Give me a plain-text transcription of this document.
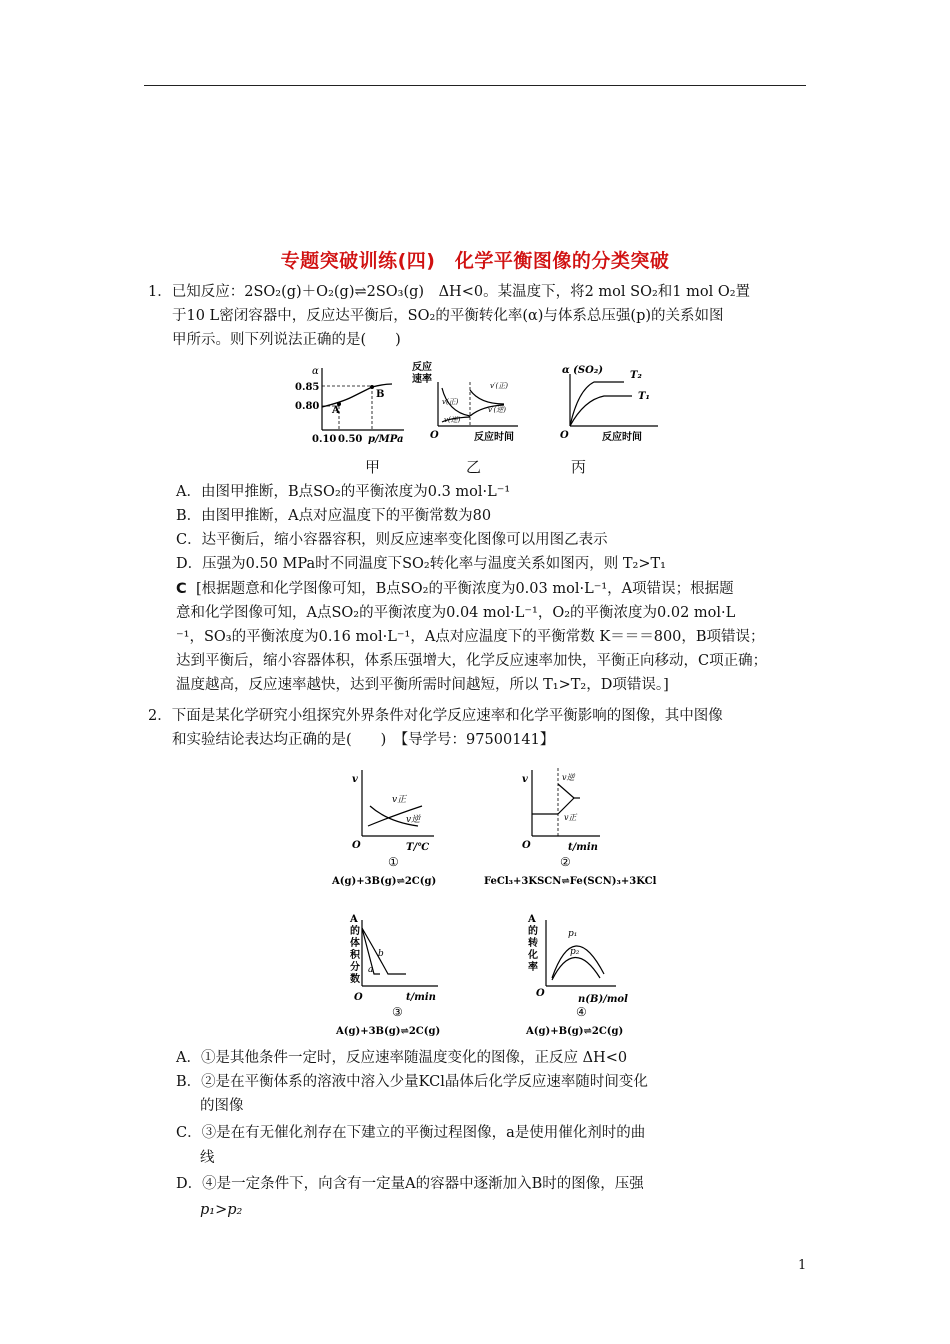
专题突破训练(四)　化学平衡图像的分类突破
1．已知反应：2SO₂(g)＋O₂(g)⇌2SO₃(g)　ΔH<0。某温度下，将2 mol SO₂和1 mol O₂置
于10 L密闭容器中，反应达平衡后，SO₂的平衡转化率(α)与体系总压强(p)的关系如图
甲所示。则下列说法正确的是(　　)
α
0.85
0.80 A
B
0.10 0.50 p/MPa
反应
速率
v(正)
v(逆)
v′(正)
v′(逆)
O	反应时间
α (SO₂)	T₂
T₁
O	反应时间
甲	乙	丙
A．由图甲推断，B点SO₂的平衡浓度为0.3 mol·L⁻¹
B．由图甲推断，A点对应温度下的平衡常数为80
C．达平衡后，缩小容器容积，则反应速率变化图像可以用图乙表示
D．压强为0.50 MPa时不同温度下SO₂转化率与温度关系如图丙，则 T₂>T₁
C [根据题意和化学图像可知，B点SO₂的平衡浓度为0.03 mol·L⁻¹，A项错误；根据题
意和化学图像可知，A点SO₂的平衡浓度为0.04 mol·L⁻¹，O₂的平衡浓度为0.02 mol·L
⁻¹，SO₃的平衡浓度为0.16 mol·L⁻¹，A点对应温度下的平衡常数 K＝＝＝800，B项错误；
达到平衡后，缩小容器体积，体系压强增大，化学反应速率加快，平衡正向移动，C项正确；
温度越高，反应速率越快，达到平衡所需时间越短，所以 T₁>T₂，D项错误。]
2．下面是某化学研究小组探究外界条件对化学反应速率和化学平衡影响的图像，其中图像
和实验结论表达均正确的是(　　)　【导学号：97500141】
v
v正
v逆
O	T/℃
①
A(g)+3B(g)⇌2C(g)
v	v逆
v正
O	t/min
②
FeCl₃+3KSCN⇌Fe(SCN)₃+3KCl
A
的
体
积
分
数
a
b
O	t/min
③
A(g)+3B(g)⇌2C(g)
A
的
转
化
率
p₁
p₂
O
n(B)/mol
④
A(g)+B(g)⇌2C(g)
A．①是其他条件一定时，反应速率随温度变化的图像，正反应 ΔH<0
B．②是在平衡体系的溶液中溶入少量KCl晶体后化学反应速率随时间变化
的图像
C．③是在有无催化剂存在下建立的平衡过程图像，a是使用催化剂时的曲
线
D．④是一定条件下，向含有一定量A的容器中逐渐加入B时的图像，压强
p₁>p₂
1
